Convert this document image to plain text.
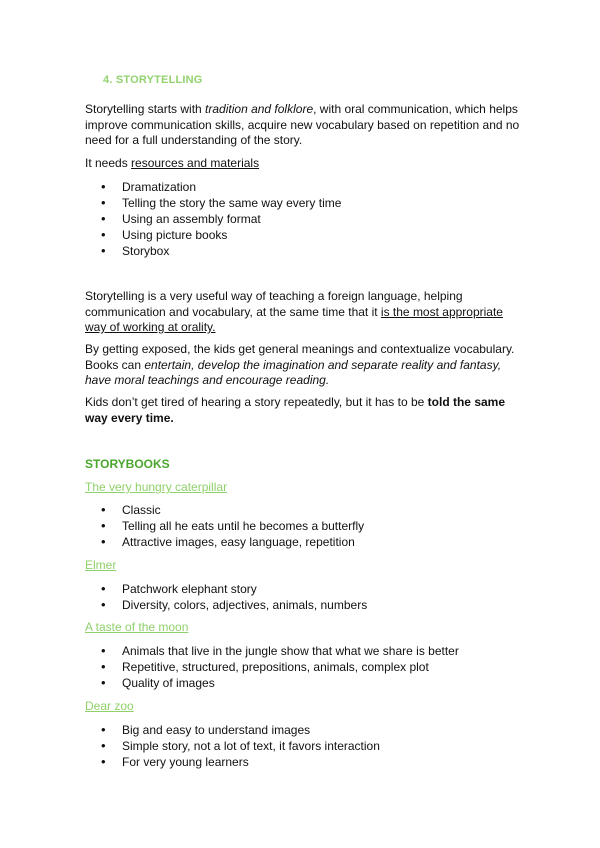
4. STORYTELLING

Storytelling starts with tradition and folklore, with oral communication, which helps improve communication skills, acquire new vocabulary based on repetition and no need for a full understanding of the story.

It needs resources and materials

• Dramatization
• Telling the story the same way every time
• Using an assembly format
• Using picture books
• Storybox

Storytelling is a very useful way of teaching a foreign language, helping communication and vocabulary, at the same time that it is the most appropriate way of working at orality.

By getting exposed, the kids get general meanings and contextualize vocabulary. Books can entertain, develop the imagination and separate reality and fantasy, have moral teachings and encourage reading.

Kids don’t get tired of hearing a story repeatedly, but it has to be told the same way every time.

STORYBOOKS
The very hungry caterpillar
• Classic
• Telling all he eats until he becomes a butterfly
• Attractive images, easy language, repetition
Elmer
• Patchwork elephant story
• Diversity, colors, adjectives, animals, numbers
A taste of the moon
• Animals that live in the jungle show that what we share is better
• Repetitive, structured, prepositions, animals, complex plot
• Quality of images
Dear zoo
• Big and easy to understand images
• Simple story, not a lot of text, it favors interaction
• For very young learners
